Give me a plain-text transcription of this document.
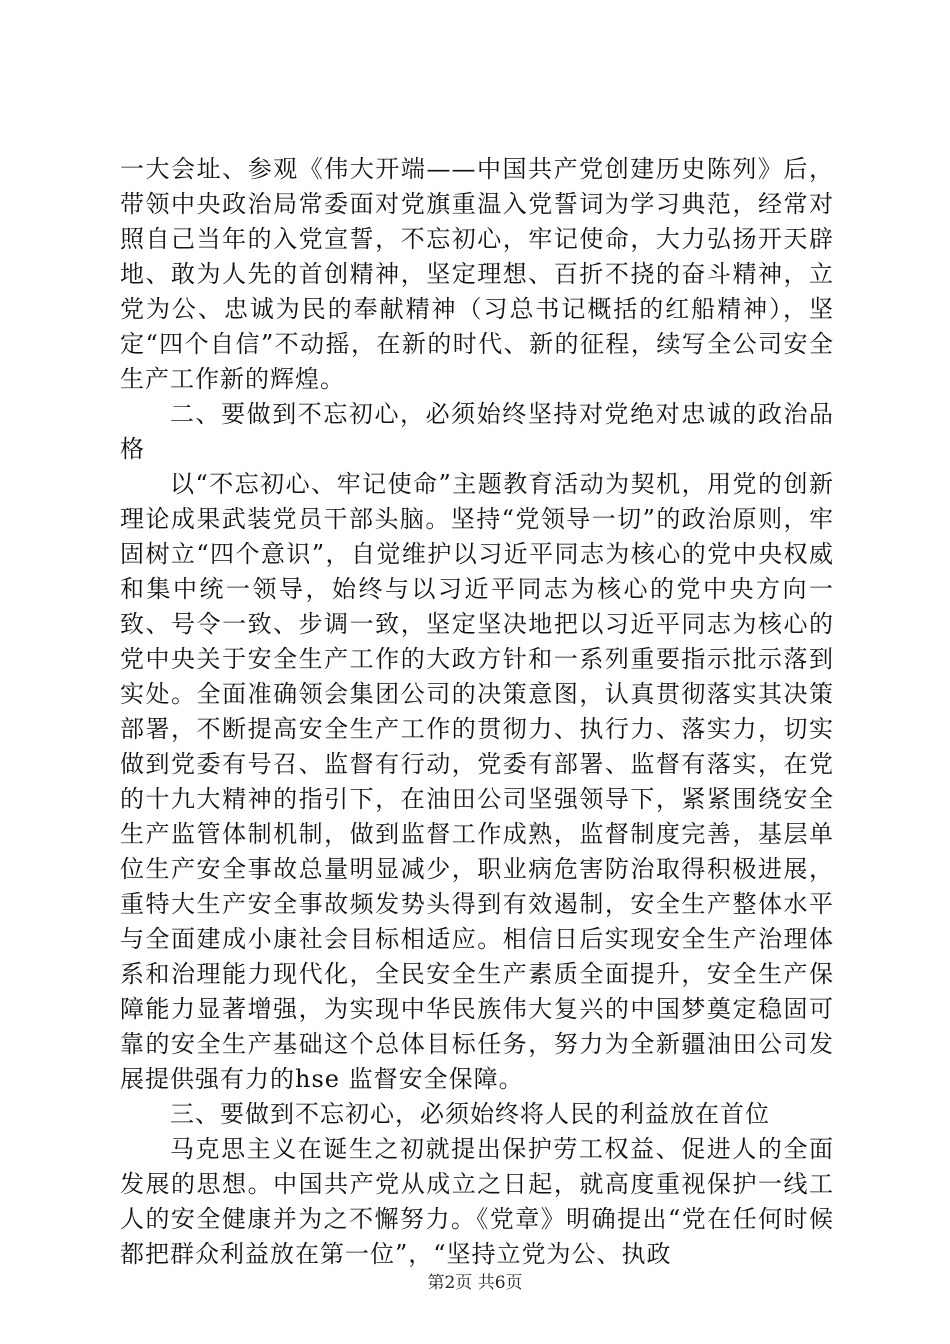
一大会址、参观《伟大开端——中国共产党创建历史陈列》后，带领中央政治局常委面对党旗重温入党誓词为学习典范，经常对照自己当年的入党宣誓，不忘初心，牢记使命，大力弘扬开天辟地、敢为人先的首创精神，坚定理想、百折不挠的奋斗精神，立党为公、忠诚为民的奉献精神（习总书记概括的红船精神），坚定“四个自信”不动摇，在新的时代、新的征程，续写全公司安全生产工作新的辉煌。

二、要做到不忘初心，必须始终坚持对党绝对忠诚的政治品格

以“不忘初心、牢记使命”主题教育活动为契机，用党的创新理论成果武装党员干部头脑。坚持“党领导一切”的政治原则，牢固树立“四个意识”，自觉维护以习近平同志为核心的党中央权威和集中统一领导，始终与以习近平同志为核心的党中央方向一致、号令一致、步调一致，坚定坚决地把以习近平同志为核心的党中央关于安全生产工作的大政方针和一系列重要指示批示落到实处。全面准确领会集团公司的决策意图，认真贯彻落实其决策部署，不断提高安全生产工作的贯彻力、执行力、落实力，切实做到党委有号召、监督有行动，党委有部署、监督有落实，在党的十九大精神的指引下，在油田公司坚强领导下，紧紧围绕安全生产监管体制机制，做到监督工作成熟，监督制度完善，基层单位生产安全事故总量明显减少，职业病危害防治取得积极进展，重特大生产安全事故频发势头得到有效遏制，安全生产整体水平与全面建成小康社会目标相适应。相信日后实现安全生产治理体系和治理能力现代化，全民安全生产素质全面提升，安全生产保障能力显著增强，为实现中华民族伟大复兴的中国梦奠定稳固可靠的安全生产基础这个总体目标任务，努力为全新疆油田公司发展提供强有力的hse 监督安全保障。

三、要做到不忘初心，必须始终将人民的利益放在首位

马克思主义在诞生之初就提出保护劳工权益、促进人的全面发展的思想。中国共产党从成立之日起，就高度重视保护一线工人的安全健康并为之不懈努力。《党章》明确提出“党在任何时候都把群众利益放在第一位”，“坚持立党为公、执政

第2页 共6页
